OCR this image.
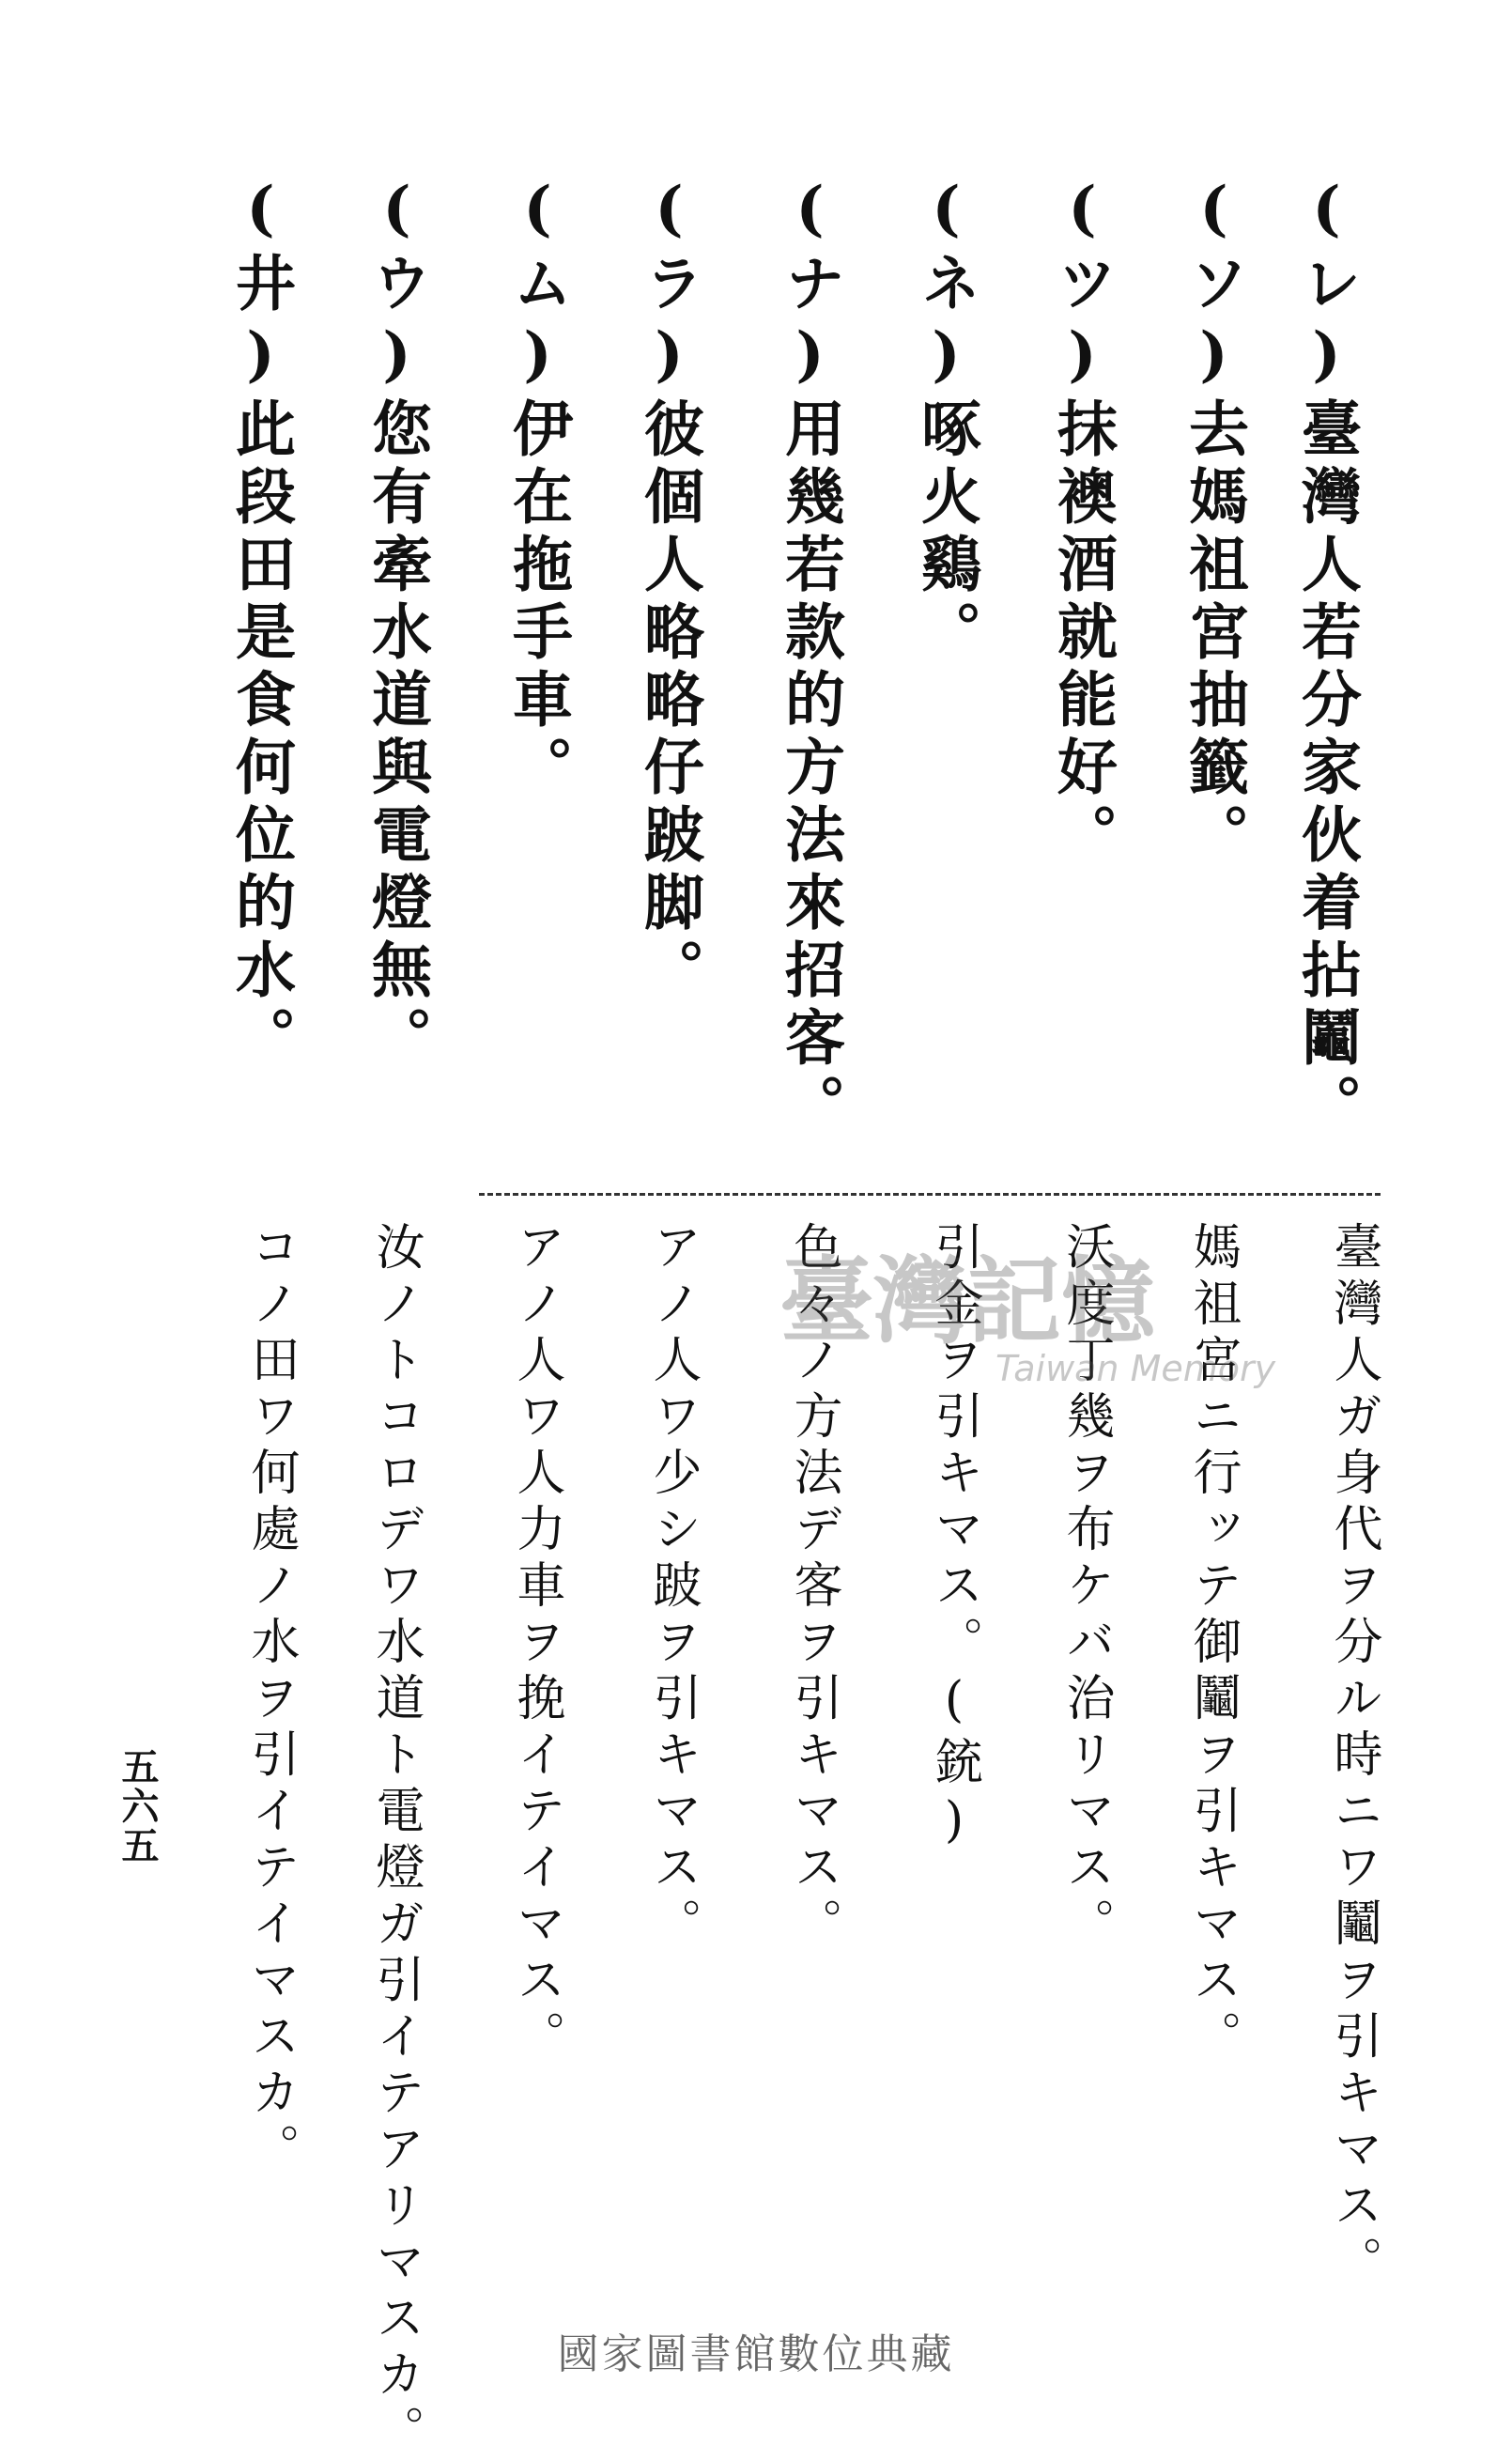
(レ)臺灣人若分家伙着拈鬮。
(ソ)去媽祖宮抽籤。
(ツ)抹襖酒就能好。
(ネ)啄火鷄。
(ナ)用幾若款的方法來招客。
(ラ)彼個人略略仔跛脚。
(ム)伊在拖手車。
(ウ)您有牽水道與電燈無。
(井)此段田是食何位的水。
臺灣人ガ身代ヲ分ル時ニワ鬮ヲ引キマス。
媽祖宮ニ行ッテ御鬮ヲ引キマス。
沃度丁幾ヲ布ケバ治リマス。
引金ヲ引キマス。(銃)
色々ノ方法デ客ヲ引キマス。
アノ人ワ少シ跛ヲ引キマス。
アノ人ワ人力車ヲ挽イテイマス。
汝ノトコロデワ水道ト電燈ガ引イテアリマスカ。
コノ田ワ何處ノ水ヲ引イテイマスカ。
五六五
臺灣記憶
Taiwan Memory
國家圖書館數位典藏
